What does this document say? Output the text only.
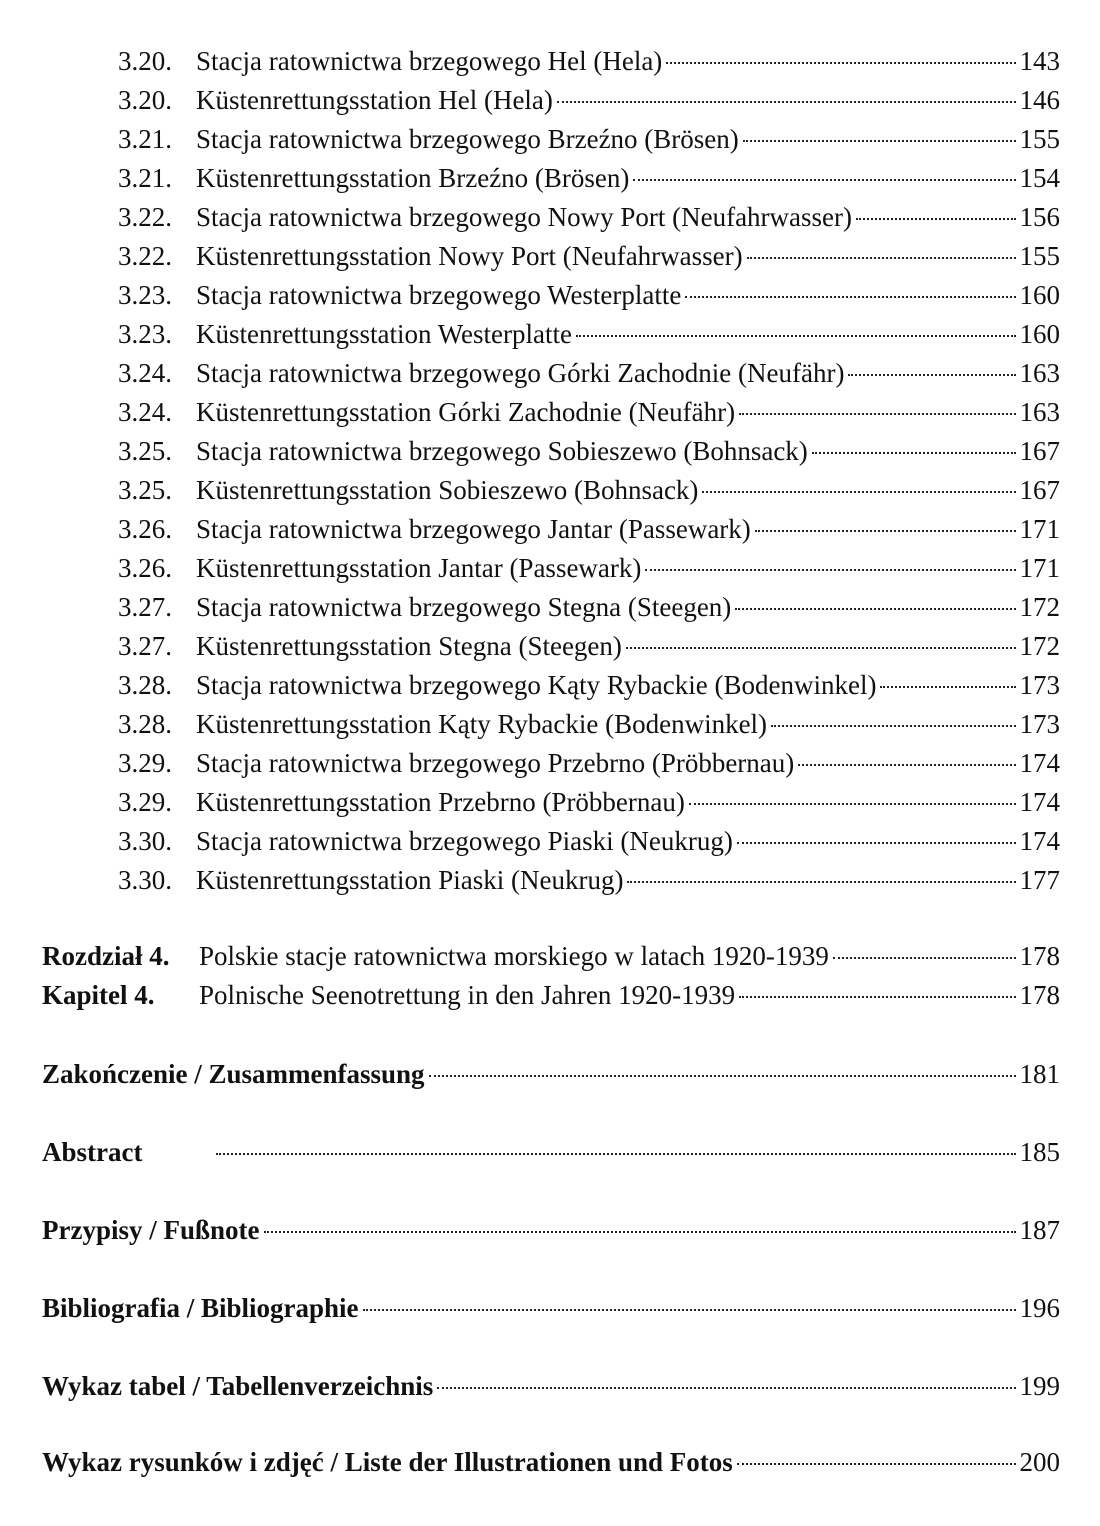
3.20. Stacja ratownictwa brzegowego Hel (Hela)	143
3.20. Küstenrettungsstation Hel (Hela)	146
3.21. Stacja ratownictwa brzegowego Brzeźno (Brösen)	155
3.21. Küstenrettungsstation Brzeźno (Brösen)	154
3.22. Stacja ratownictwa brzegowego Nowy Port (Neufahrwasser)	156
3.22. Küstenrettungsstation Nowy Port (Neufahrwasser)	155
3.23. Stacja ratownictwa brzegowego Westerplatte	160
3.23. Küstenrettungsstation Westerplatte	160
3.24. Stacja ratownictwa brzegowego Górki Zachodnie (Neufähr)	163
3.24. Küstenrettungsstation Górki Zachodnie (Neufähr)	163
3.25. Stacja ratownictwa brzegowego Sobieszewo (Bohnsack)	167
3.25. Küstenrettungsstation Sobieszewo (Bohnsack)	167
3.26. Stacja ratownictwa brzegowego Jantar (Passewark)	171
3.26. Küstenrettungsstation Jantar (Passewark)	171
3.27. Stacja ratownictwa brzegowego Stegna (Steegen)	172
3.27. Küstenrettungsstation Stegna (Steegen)	172
3.28. Stacja ratownictwa brzegowego Kąty Rybackie (Bodenwinkel)	173
3.28. Küstenrettungsstation Kąty Rybackie (Bodenwinkel)	173
3.29. Stacja ratownictwa brzegowego Przebrno (Pröbbernau)	174
3.29. Küstenrettungsstation Przebrno (Pröbbernau)	174
3.30. Stacja ratownictwa brzegowego Piaski (Neukrug)	174
3.30. Küstenrettungsstation Piaski (Neukrug)	177
Rozdział 4. Polskie stacje ratownictwa morskiego w latach 1920-1939	178
Kapitel 4. Polnische Seenotrettung in den Jahren 1920-1939	178
Zakończenie / Zusammenfassung	181
Abstract	185
Przypisy / Fußnote	187
Bibliografia / Bibliographie	196
Wykaz tabel / Tabellenverzeichnis	199
Wykaz rysunków i zdjęć / Liste der Illustrationen und Fotos	200
